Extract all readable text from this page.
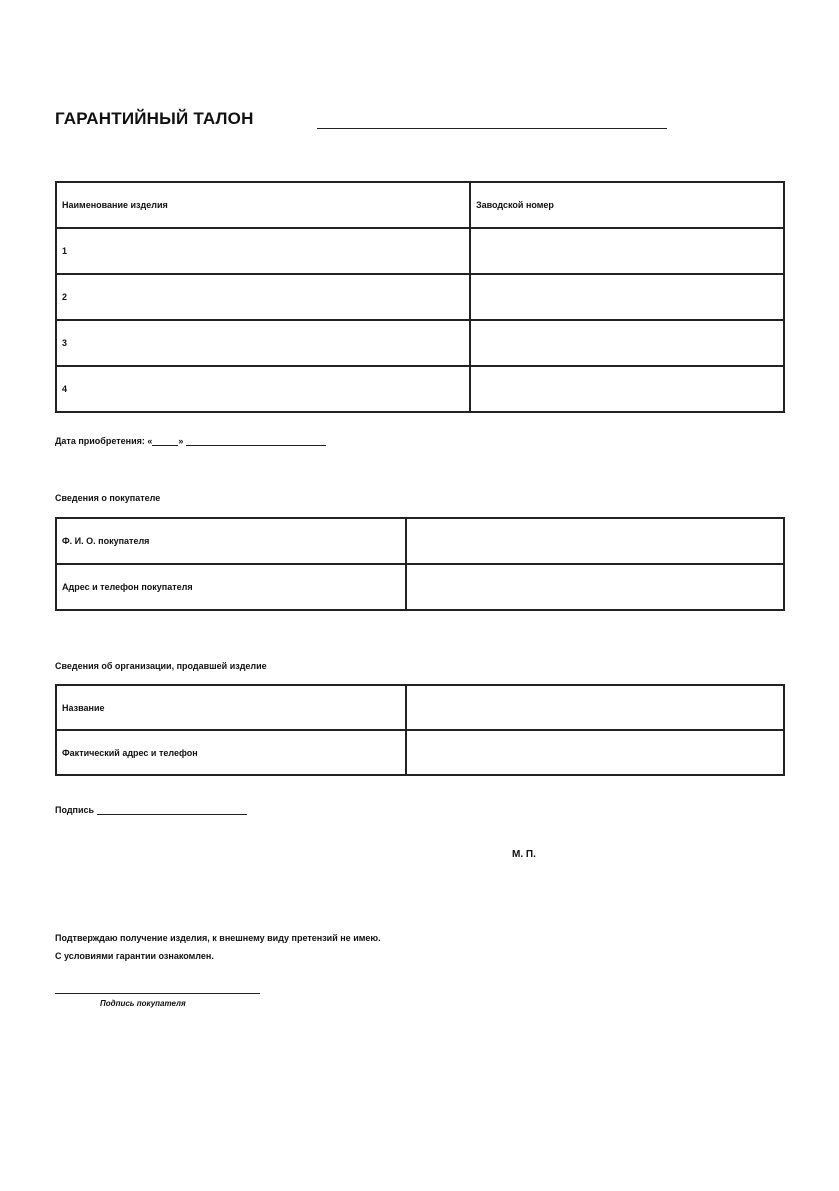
ГАРАНТИЙНЫЙ ТАЛОН
Наименование изделия	Заводской номер
1	
2	
3	
4	
Дата приобретения: «	»
Сведения о покупателе
Ф. И. О. покупателя	
Адрес и телефон покупателя	
Сведения об организации, продавшей изделие
Название	
Фактический адрес и телефон	
Подпись
М. П.
Подтверждаю получение изделия, к внешнему виду претензий не имею.
С условиями гарантии ознакомлен.
Подпись покупателя
